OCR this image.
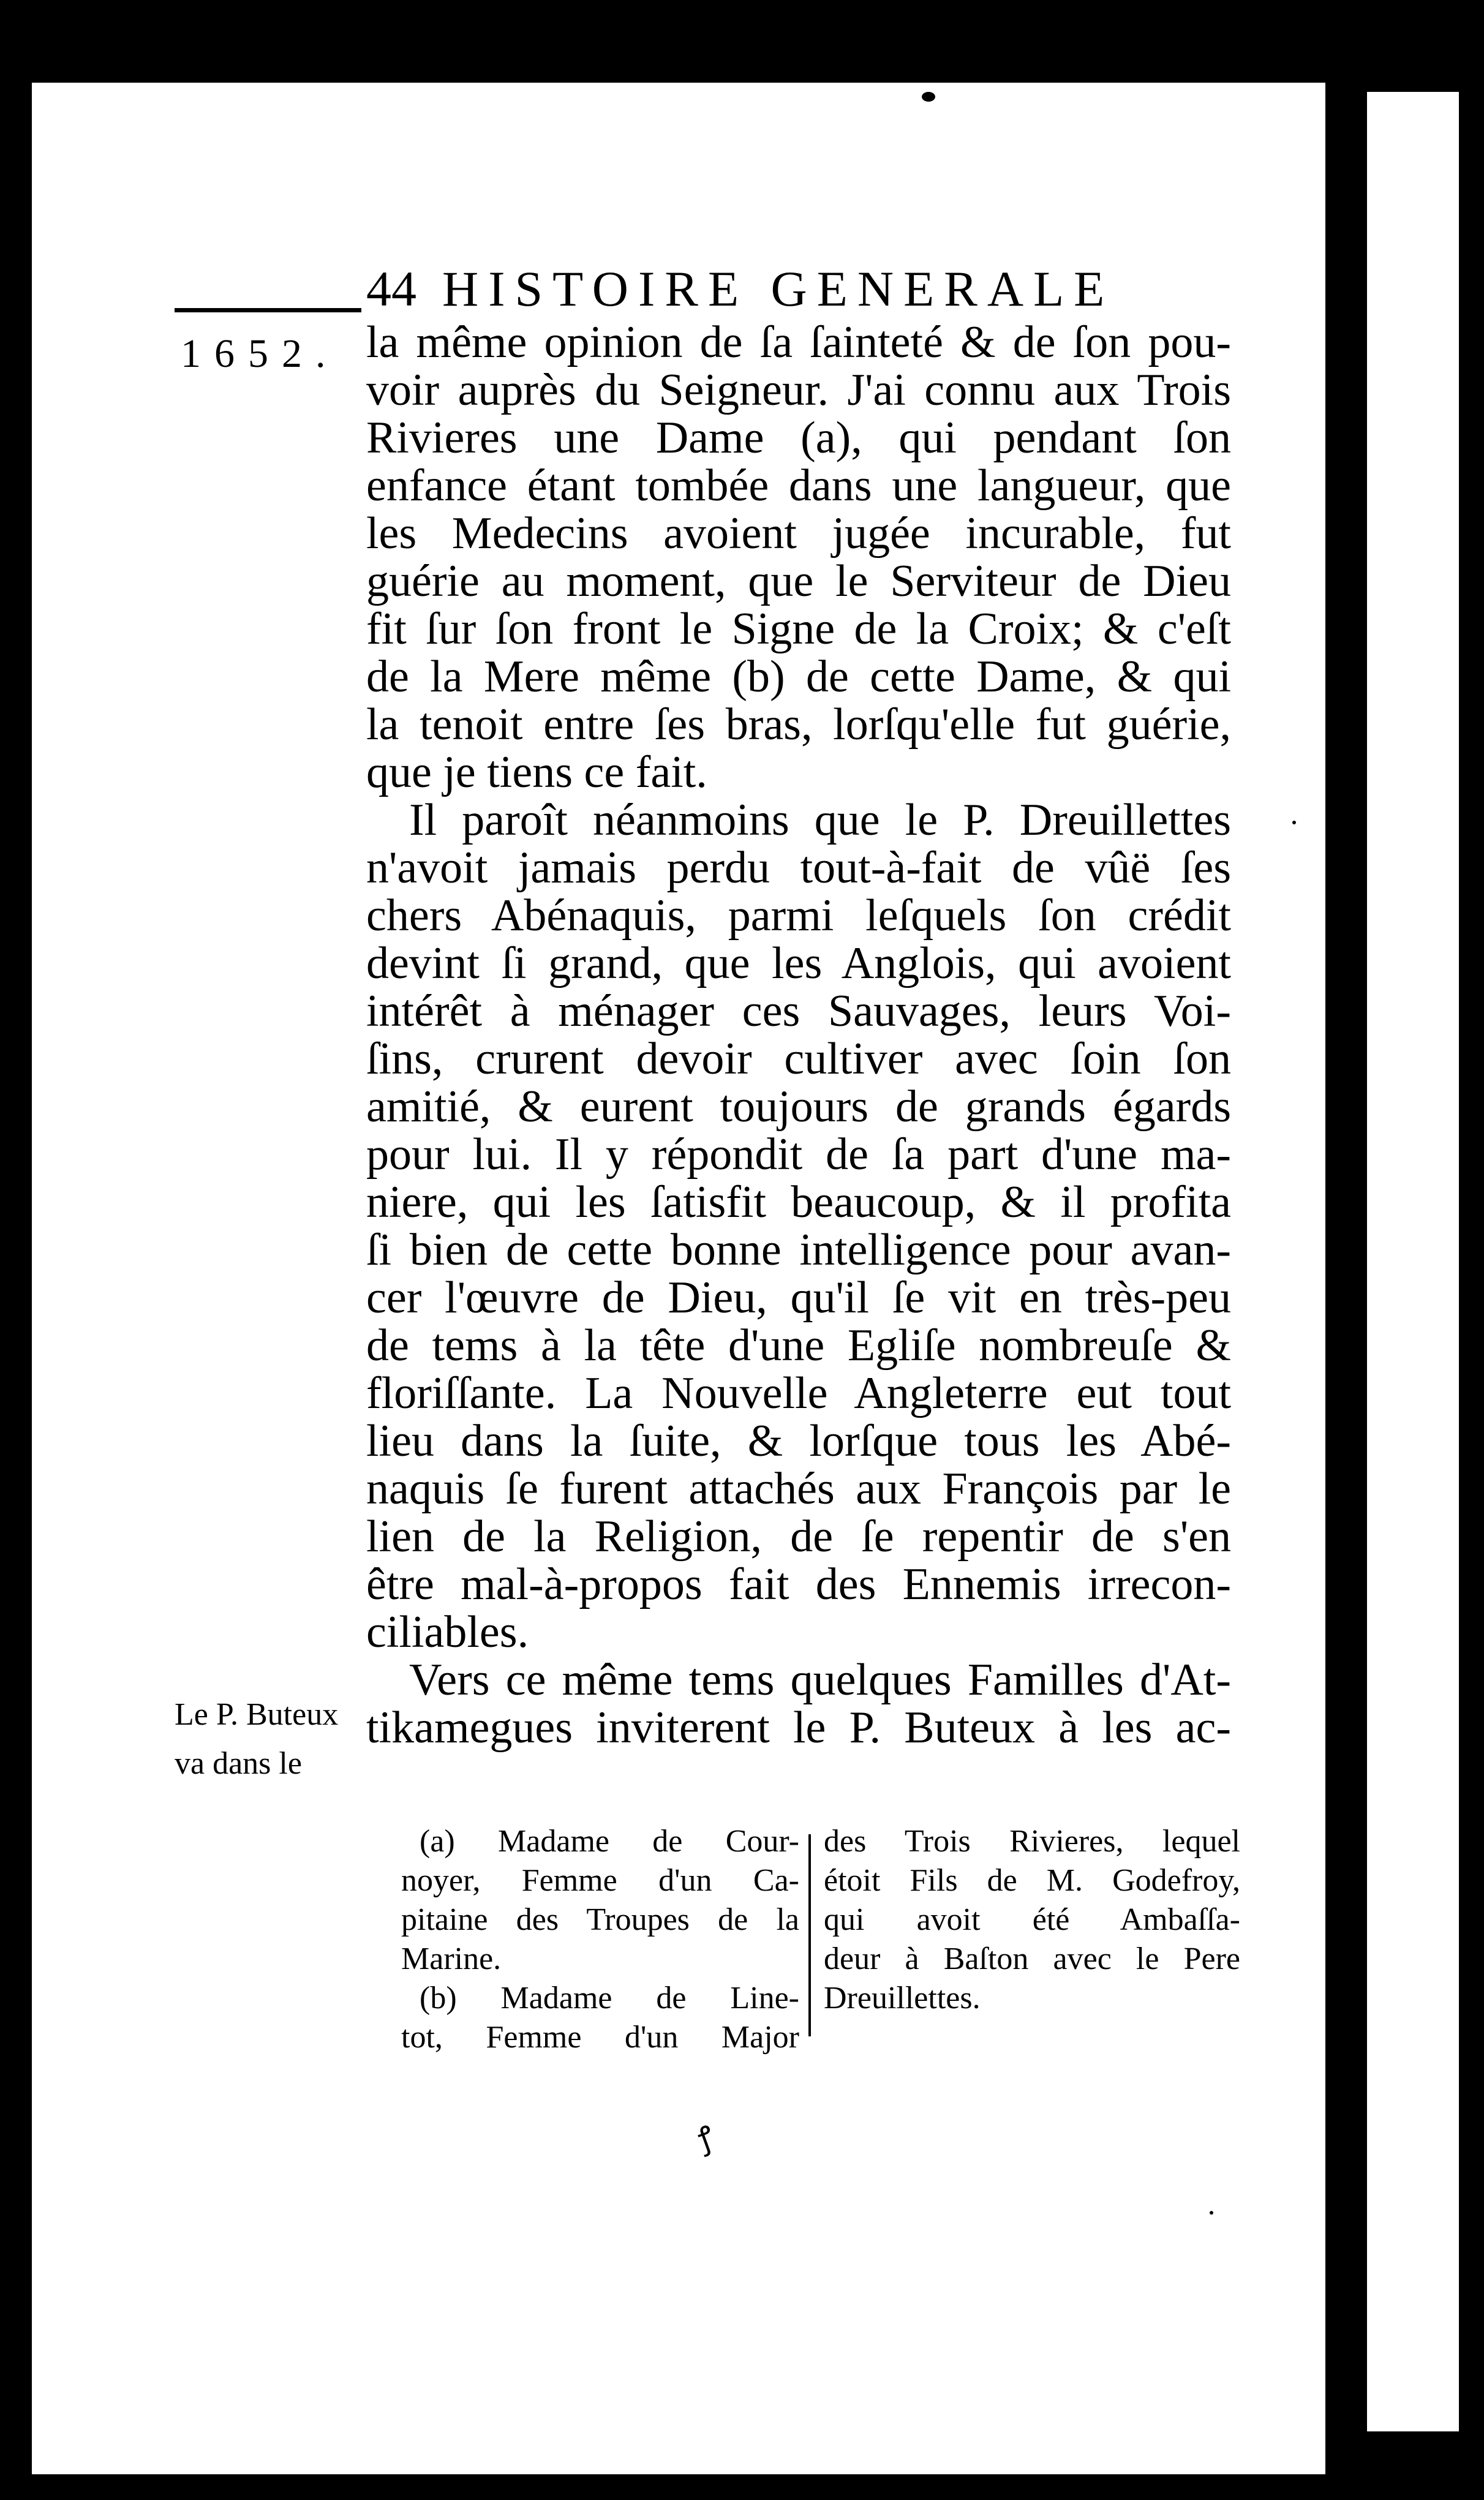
44 HISTOIRE GENERALE
1652. la même opinion de ſa ſainteté & de ſon pou-
voir auprès du Seigneur. J'ai connu aux Trois
Rivieres une Dame (a), qui pendant ſon
enfance étant tombée dans une langueur, que
les Medecins avoient jugée incurable, fut
guérie au moment, que le Serviteur de Dieu
fit ſur ſon front le Signe de la Croix; & c'eſt
de la Mere même (b) de cette Dame, & qui
la tenoit entre ſes bras, lorſqu'elle fut guérie,
que je tiens ce fait.
Il paroît néanmoins que le P. Dreuillettes
n'avoit jamais perdu tout-à-fait de vûë ſes
chers Abénaquis, parmi leſquels ſon crédit
devint ſi grand, que les Anglois, qui avoient
intérêt à ménager ces Sauvages, leurs Voi-
ſins, crurent devoir cultiver avec ſoin ſon
amitié, & eurent toujours de grands égards
pour lui. Il y répondit de ſa part d'une ma-
niere, qui les ſatisfit beaucoup, & il profita
ſi bien de cette bonne intelligence pour avan-
cer l'œuvre de Dieu, qu'il ſe vit en très-peu
de tems à la tête d'une Egliſe nombreuſe &
floriſſante. La Nouvelle Angleterre eut tout
lieu dans la ſuite, & lorſque tous les Abé-
naquis ſe furent attachés aux François par le
lien de la Religion, de ſe repentir de s'en
être mal-à-propos fait des Ennemis irrecon-
ciliables.
Vers ce même tems quelques Familles d'At-
tikamegues inviterent le P. Buteux à les ac-
Le P. Buteux
va dans le
(a) Madame de Cour-
noyer, Femme d'un Ca-
pitaine des Troupes de la
Marine.
(b) Madame de Line-
tot, Femme d'un Major
des Trois Rivieres, lequel
étoit Fils de M. Godefroy,
qui avoit été Ambaſſa-
deur à Baſton avec le Pere
Dreuillettes.
ꝭ
